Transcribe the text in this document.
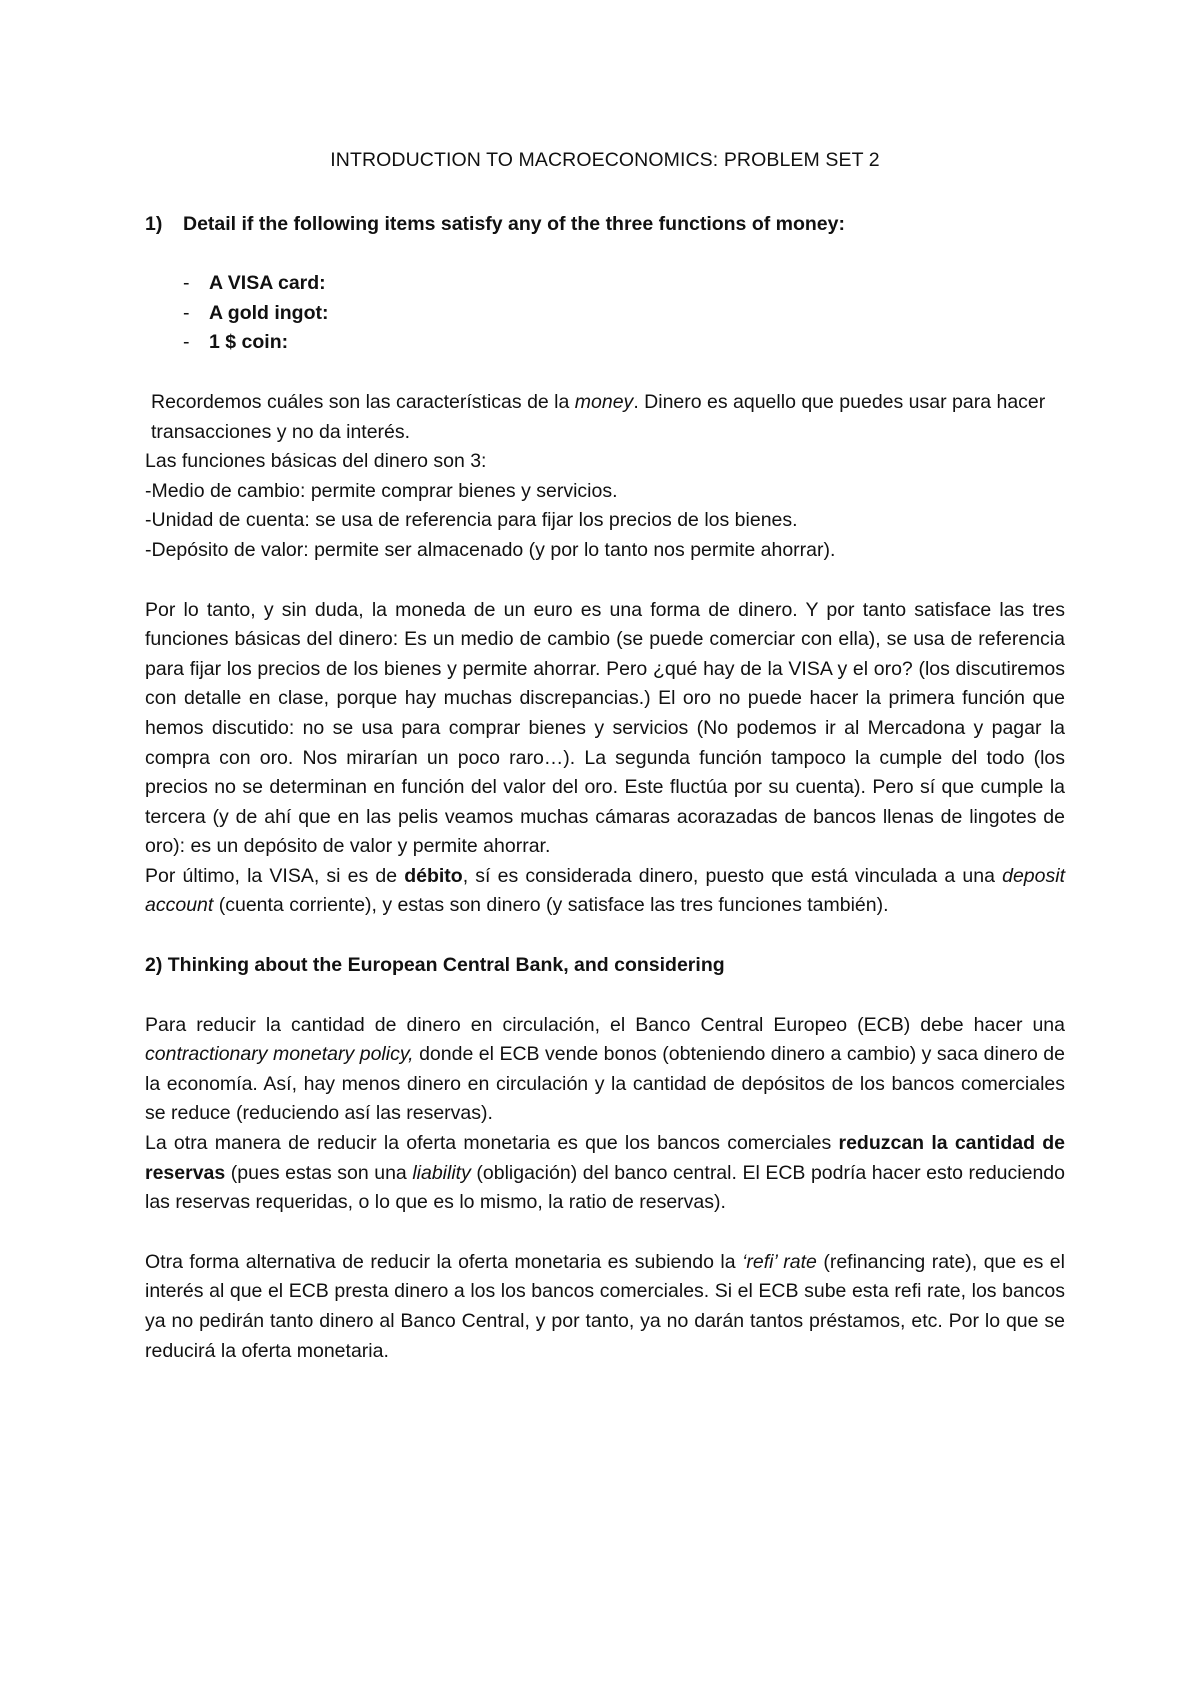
INTRODUCTION TO MACROECONOMICS: PROBLEM SET 2

1) Detail if the following items satisfy any of the three functions of money:

- A VISA card:
- A gold ingot:
- 1 $ coin:

Recordemos cuáles son las características de la money. Dinero es aquello que puedes usar para hacer transacciones y no da interés.

Las funciones básicas del dinero son 3:

-Medio de cambio: permite comprar bienes y servicios.

-Unidad de cuenta: se usa de referencia para fijar los precios de los bienes.

-Depósito de valor: permite ser almacenado (y por lo tanto nos permite ahorrar).

Por lo tanto, y sin duda, la moneda de un euro es una forma de dinero. Y por tanto satisface las tres funciones básicas del dinero: Es un medio de cambio (se puede comerciar con ella), se usa de referencia para fijar los precios de los bienes y permite ahorrar. Pero ¿qué hay de la VISA y el oro? (los discutiremos con detalle en clase, porque hay muchas discrepancias.) El oro no puede hacer la primera función que hemos discutido: no se usa para comprar bienes y servicios (No podemos ir al Mercadona y pagar la compra con oro. Nos mirarían un poco raro…). La segunda función tampoco la cumple del todo (los precios no se determinan en función del valor del oro. Este fluctúa por su cuenta). Pero sí que cumple la tercera (y de ahí que en las pelis veamos muchas cámaras acorazadas de bancos llenas de lingotes de oro): es un depósito de valor y permite ahorrar.

Por último, la VISA, si es de débito, sí es considerada dinero, puesto que está vinculada a una deposit account (cuenta corriente), y estas son dinero (y satisface las tres funciones también).

2) Thinking about the European Central Bank, and considering

Para reducir la cantidad de dinero en circulación, el Banco Central Europeo (ECB) debe hacer una contractionary monetary policy, donde el ECB vende bonos (obteniendo dinero a cambio) y saca dinero de la economía. Así, hay menos dinero en circulación y la cantidad de depósitos de los bancos comerciales se reduce (reduciendo así las reservas).

La otra manera de reducir la oferta monetaria es que los bancos comerciales reduzcan la cantidad de reservas (pues estas son una liability (obligación) del banco central. El ECB podría hacer esto reduciendo las reservas requeridas, o lo que es lo mismo, la ratio de reservas).

Otra forma alternativa de reducir la oferta monetaria es subiendo la ‘refi’ rate (refinancing rate), que es el interés al que el ECB presta dinero a los los bancos comerciales. Si el ECB sube esta refi rate, los bancos ya no pedirán tanto dinero al Banco Central, y por tanto, ya no darán tantos préstamos, etc. Por lo que se reducirá la oferta monetaria.
